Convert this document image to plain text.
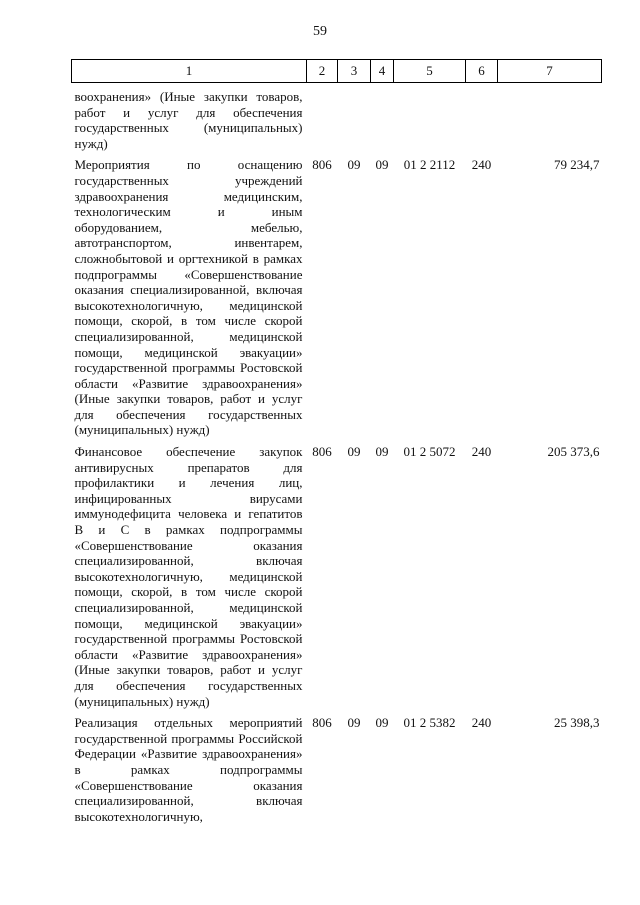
59
1	2	3	4	5	6	7

воохранения» (Иные закупки товаров, работ и услуг для обеспечения государственных (муниципальных) нужд)						

Мероприятия по оснащению государственных учреждений здравоохранения медицинским, технологическим и иным оборудованием, мебелью, автотранспортом, инвентарем, сложнобытовой и оргтехникой в рамках подпрограммы «Совершенствование оказания специализированной, включая высокотехнологичную, медицинской помощи, скорой, в том числе скорой специализированной, медицинской помощи, медицинской эвакуации» государственной программы Ростовской области «Развитие здравоохранения» (Иные закупки товаров, работ и услуг для обеспечения государственных (муниципальных) нужд)	806	09	09	01 2 2112	240	79 234,7

Финансовое обеспечение закупок антивирусных препаратов для профилактики и лечения лиц, инфицированных вирусами иммунодефицита человека и гепатитов В и С в рамках подпрограммы «Совершенствование оказания специализированной, включая высокотехнологичную, медицинской помощи, скорой, в том числе скорой специализированной, медицинской помощи, медицинской эвакуации» государственной программы Ростовской области «Развитие здравоохранения» (Иные закупки товаров, работ и услуг для обеспечения государственных (муниципальных) нужд)	806	09	09	01 2 5072	240	205 373,6

Реализация отдельных мероприятий государственной программы Российской Федерации «Развитие здравоохранения» в рамках подпрограммы «Совершенствование оказания специализированной, включая высокотехнологичную,	806	09	09	01 2 5382	240	25 398,3
